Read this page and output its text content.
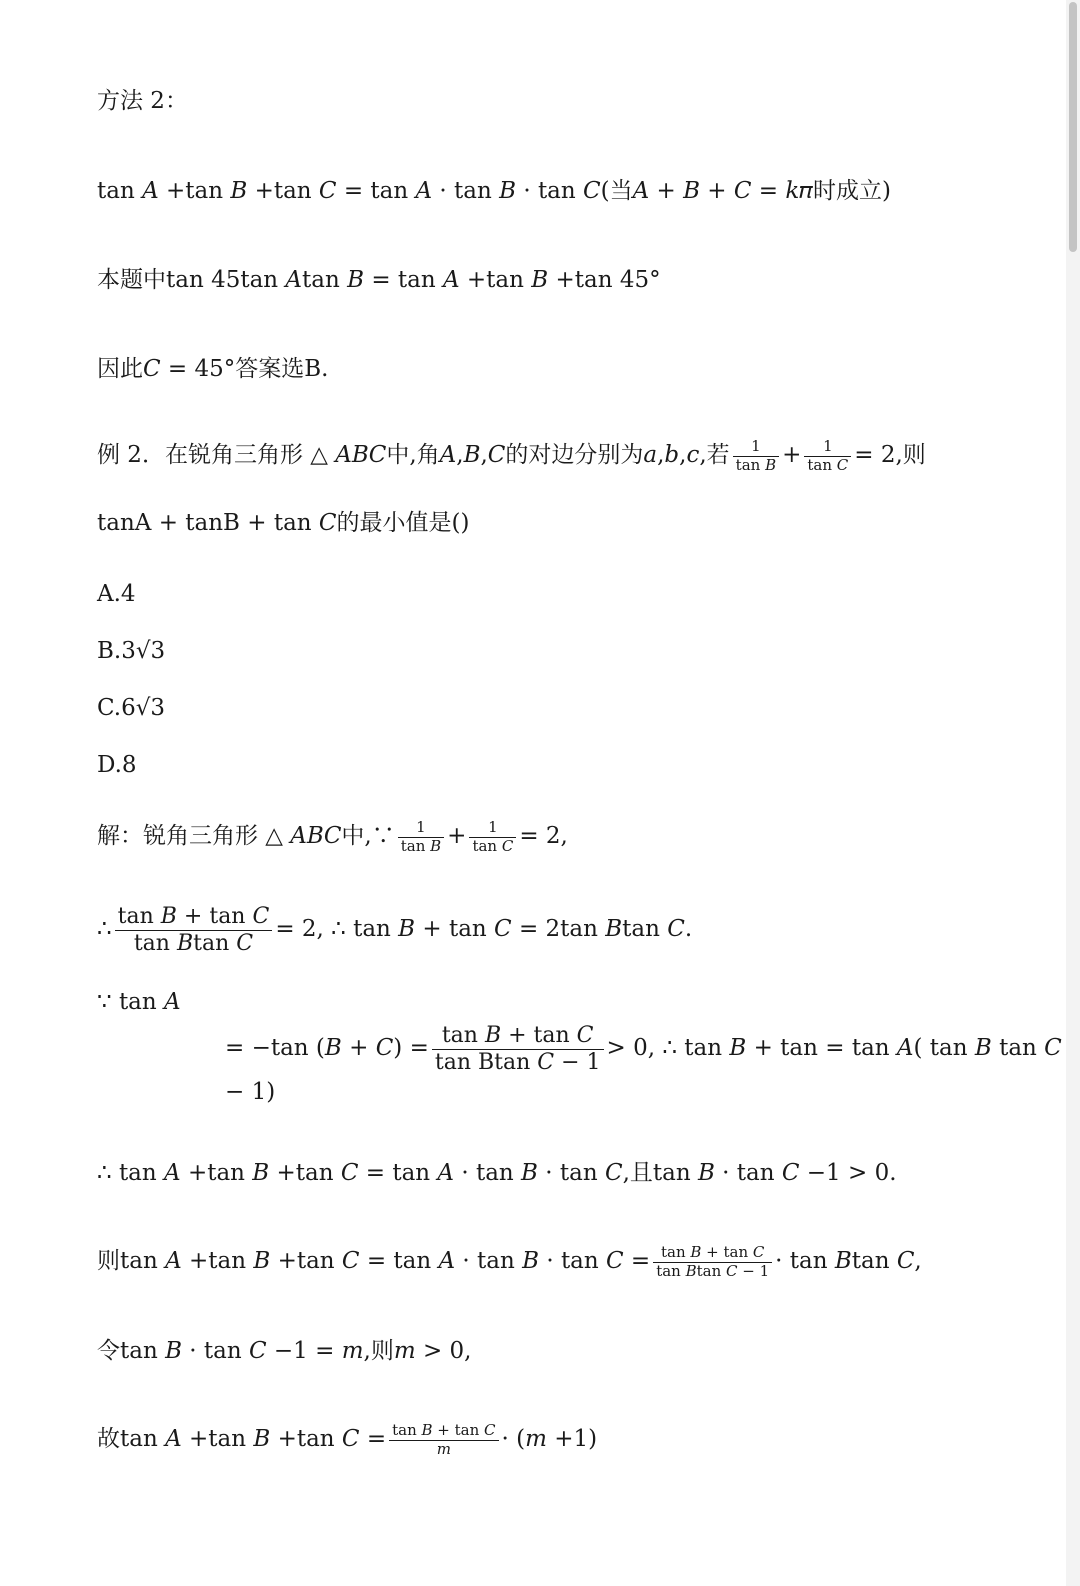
方法 2：
tan 𝐴 +tan 𝐵 +tan 𝐶 = tan 𝐴 · tan 𝐵 · tan 𝐶(当𝐴 + 𝐵 + 𝐶 = 𝑘𝜋时成立)
本题中tan 45tan 𝐴tan 𝐵 = tan 𝐴 +tan 𝐵 +tan 45°
因此𝐶 = 45°答案选B.
例 2．在锐角三角形 △ 𝐴𝐵𝐶中,角𝐴,𝐵,𝐶的对边分别为𝑎,𝑏,𝑐,若 $\frac{1}{\text{tan 𝐵}} + \frac{1}{\text{tan 𝐶}} = 2$,则
tanA + tanB + tan 𝐶的最小值是()
A.4
B.3√3
C.6√3
D.8
解：锐角三角形 △ 𝐴𝐵𝐶中,∵ $\frac{1}{\text{tan 𝐵}} + \frac{1}{\text{tan 𝐶}} = 2$,
∴ $\frac{\text{tan 𝐵 + tan 𝐶}}{\text{tan 𝐵tan 𝐶}} = 2$, ∴ tan 𝐵 + tan 𝐶 = 2tan 𝐵tan 𝐶.
∵ tan 𝐴
= −tan (𝐵 + 𝐶) = $\frac{\text{tan 𝐵 + tan 𝐶}}{\text{tan Btan 𝐶 − 1}} > 0$, ∴ tan 𝐵 + tan = tan 𝐴( tan 𝐵 tan 𝐶
− 1)
∴ tan 𝐴 +tan 𝐵 +tan 𝐶 = tan 𝐴 · tan 𝐵 · tan 𝐶,且tan 𝐵 · tan 𝐶 −1 > 0.
则tan 𝐴 +tan 𝐵 +tan 𝐶 = tan 𝐴 · tan 𝐵 · tan 𝐶 = $\frac{\text{tan 𝐵 + tan 𝐶}}{\text{tan 𝐵tan 𝐶 − 1}} \cdot \tan$ 𝐵tan 𝐶,
令tan 𝐵 · tan 𝐶 −1 = 𝑚,则𝑚 > 0,
故tan 𝐴 +tan 𝐵 +tan 𝐶 = $\frac{\text{tan 𝐵 + tan 𝐶}}{\text{𝑚}}$ · (𝑚 +1)
